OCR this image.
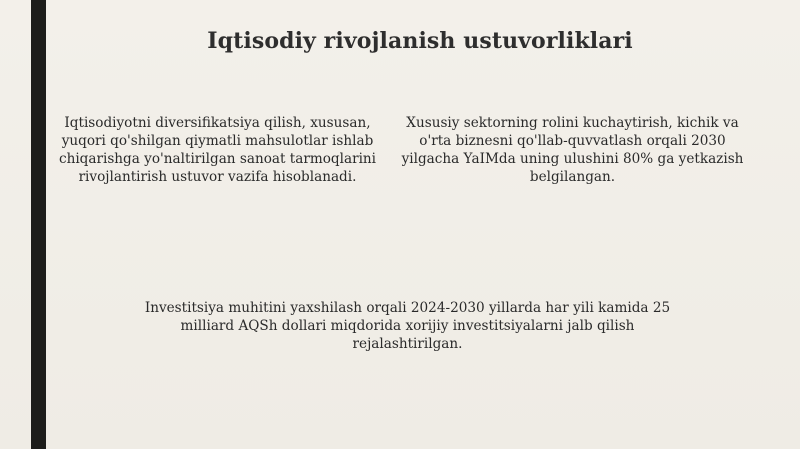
Iqtisodiy rivojlanish ustuvorliklari
Iqtisodiyotni diversifikatsiya qilish, xususan, yuqori qo'shilgan qiymatli mahsulotlar ishlab chiqarishga yo'naltirilgan sanoat tarmoqlarini rivojlantirish ustuvor vazifa hisoblanadi.
Xususiy sektorning rolini kuchaytirish, kichik va o'rta biznesni qo'llab-quvvatlash orqali 2030 yilgacha YaIMda uning ulushini 80% ga yetkazish belgilangan.
Investitsiya muhitini yaxshilash orqali 2024-2030 yillarda har yili kamida 25 milliard AQSh dollari miqdorida xorijiy investitsiyalarni jalb qilish rejalashtirilgan.
